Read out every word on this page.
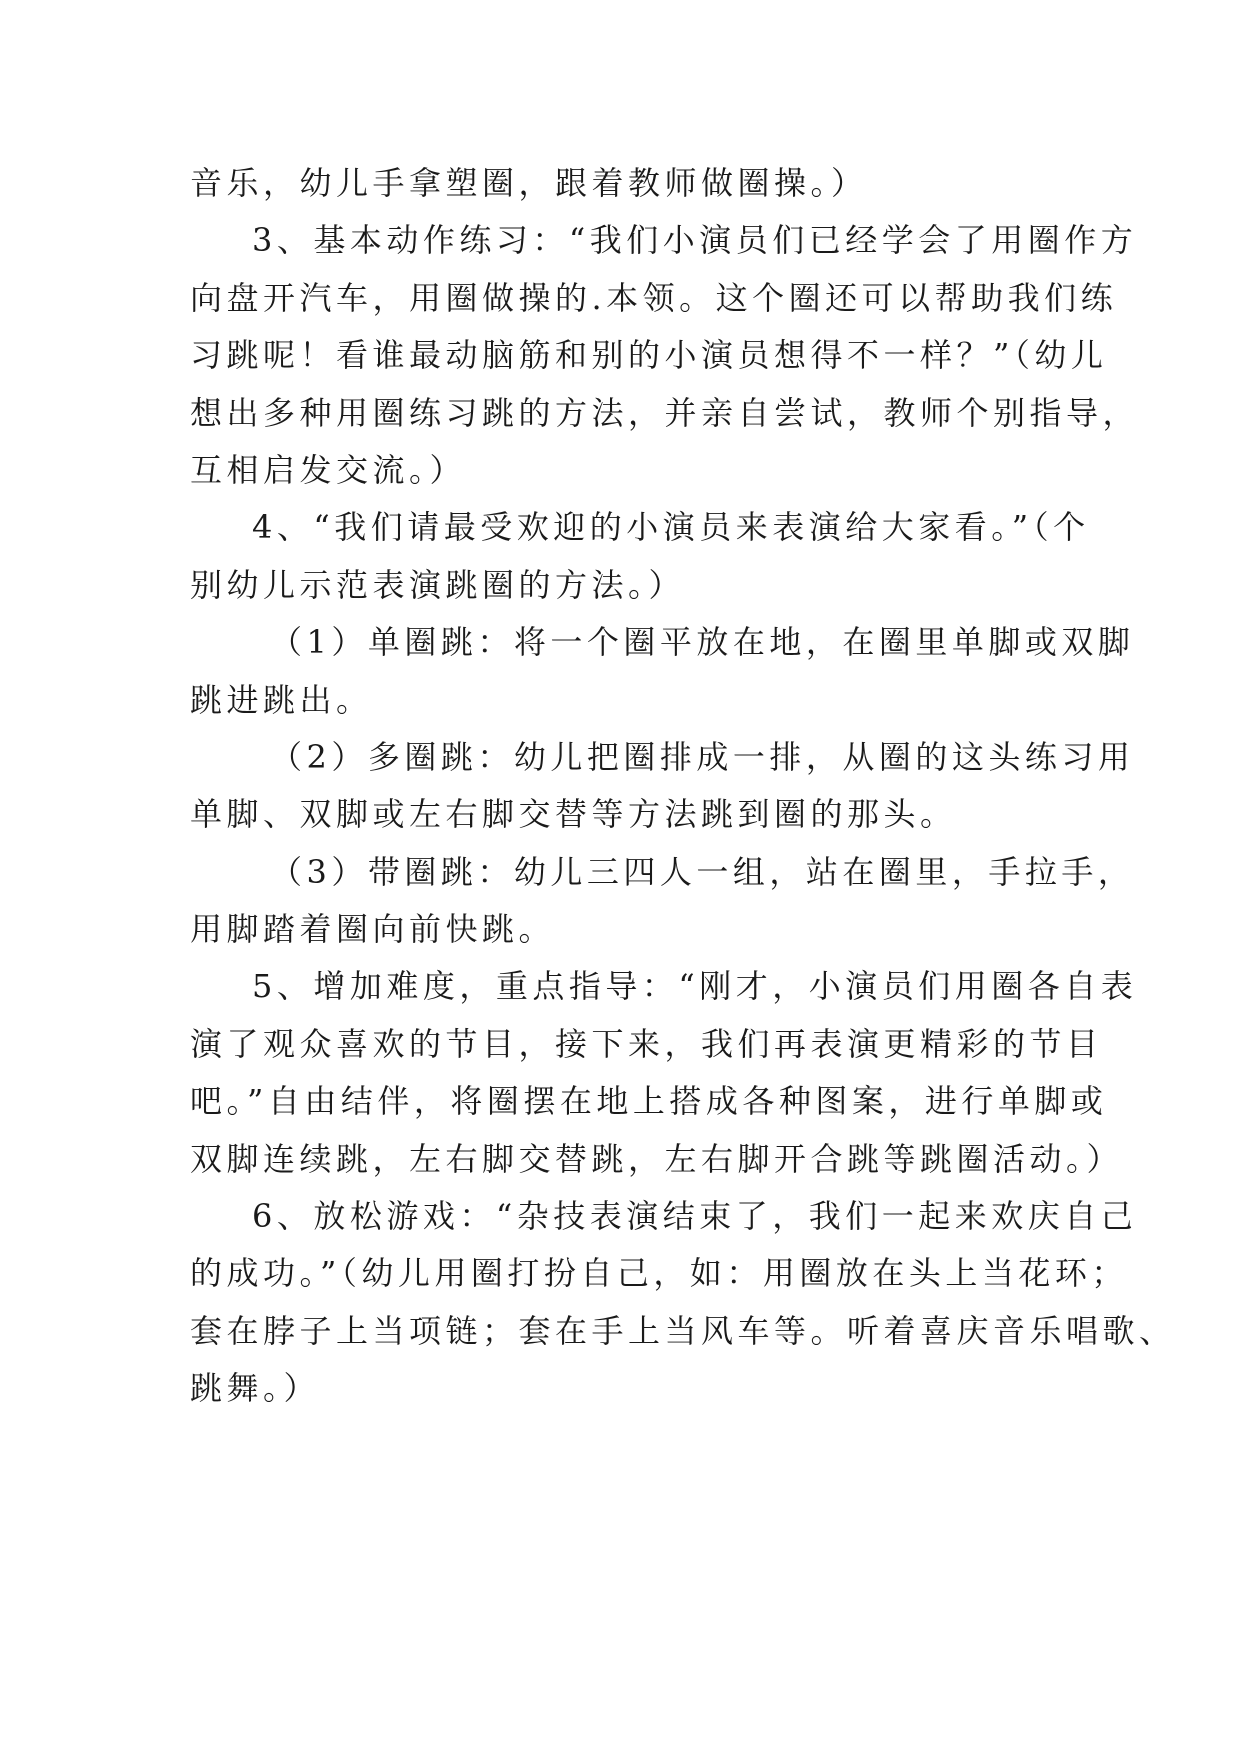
音乐，幼儿手拿塑圈，跟着教师做圈操。）
3、基本动作练习：“我们小演员们已经学会了用圈作方
向盘开汽车，用圈做操的.本领。这个圈还可以帮助我们练
习跳呢！看谁最动脑筋和别的小演员想得不一样？”（幼儿
想出多种用圈练习跳的方法，并亲自尝试，教师个别指导，
互相启发交流。）
4、“我们请最受欢迎的小演员来表演给大家看。”（个
别幼儿示范表演跳圈的方法。）
（1）单圈跳：将一个圈平放在地，在圈里单脚或双脚
跳进跳出。
（2）多圈跳：幼儿把圈排成一排，从圈的这头练习用
单脚、双脚或左右脚交替等方法跳到圈的那头。
（3）带圈跳：幼儿三四人一组，站在圈里，手拉手，
用脚踏着圈向前快跳。
5、增加难度，重点指导：“刚才，小演员们用圈各自表
演了观众喜欢的节目，接下来，我们再表演更精彩的节目
吧。”自由结伴，将圈摆在地上搭成各种图案，进行单脚或
双脚连续跳，左右脚交替跳，左右脚开合跳等跳圈活动。）
6、放松游戏：“杂技表演结束了，我们一起来欢庆自己
的成功。”（幼儿用圈打扮自己，如：用圈放在头上当花环；
套在脖子上当项链；套在手上当风车等。听着喜庆音乐唱歌、
跳舞。）
